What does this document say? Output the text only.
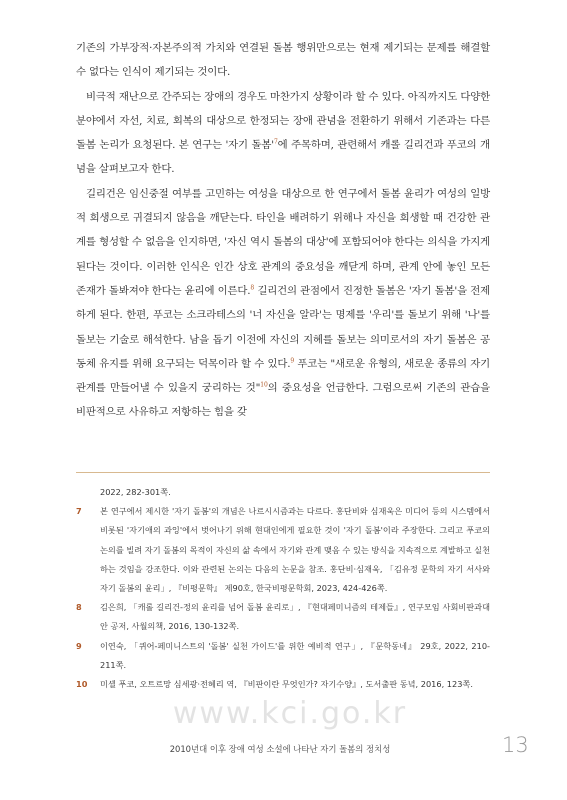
기존의 가부장적·자본주의적 가치와 연결된 돌봄 행위만으로는 현재 제기되는 문제를 해결할 수 없다는 인식이 제기되는 것이다.

비극적 재난으로 간주되는 장애의 경우도 마찬가지 상황이라 할 수 있다. 아직까지도 다양한 분야에서 자선, 치료, 회복의 대상으로 한정되는 장애 관념을 전환하기 위해서 기존과는 다른 돌봄 논리가 요청된다. 본 연구는 '자기 돌봄'$^7$에 주목하며, 관련해서 캐롤 길리건과 푸코의 개념을 살펴보고자 한다.

길리건은 임신중절 여부를 고민하는 여성을 대상으로 한 연구에서 돌봄 윤리가 여성의 일방적 희생으로 귀결되지 않음을 깨닫는다. 타인을 배려하기 위해나 자신을 희생할 때 건강한 관계를 형성할 수 없음을 인지하면, '자신 역시 돌봄의 대상'에 포함되어야 한다는 의식을 가지게 된다는 것이다. 이러한 인식은 인간 상호 관계의 중요성을 깨닫게 하며, 관계 안에 놓인 모든 존재가 돌봐져야 한다는 윤리에 이른다.$^8$ 길리건의 관점에서 진정한 돌봄은 '자기 돌봄'을 전제하게 된다. 한편, 푸코는 소크라테스의 '너 자신을 알라'는 명제를 '우리'를 돌보기 위해 '나'를 돌보는 기술로 해석한다. 남을 돕기 이전에 자신의 지혜를 돌보는 의미로서의 자기 돌봄은 공동체 유지를 위해 요구되는 덕목이라 할 수 있다.$^9$ 푸코는 "새로운 유형의, 새로운 종류의 자기 관계를 만들어낼 수 있을지 궁리하는 것"$^{10}$의 중요성을 언급한다. 그럼으로써 기존의 관습을 비판적으로 사유하고 저항하는 힘을 갖

2022, 282-301쪽.
7	본 연구에서 제시한 '자기 돌봄'의 개념은 나르시시즘과는 다르다. 홍단비와 심재욱은 미디어 등의 시스템에서 비롯된 '자기애의 과잉'에서 벗어나기 위해 현대인에게 필요한 것이 '자기 돌봄'이라 주장한다. 그리고 푸코의 논의를 빌려 자기 돌봄의 목적이 자신의 삶 속에서 자기와 관계 맺음 수 있는 방식을 지속적으로 계발하고 실천하는 것임을 강조한다. 이와 관련된 논의는 다음의 논문을 참조. 홍단비·심재욱, 「김유정 문학의 자기 서사와 자기 돌봄의 윤리」, 『비평문학』 제90호, 한국비평문학회, 2023, 424-426쪽.
8	김은희, 「캐롤 길리건-정의 윤리를 넘어 돌봄 윤리로」, 『현대페미니즘의 테제들』, 연구모임 사회비판과대안 공저, 사월의책, 2016, 130-132쪽.
9	이연숙, 「퀴어-페미니스트의 '돌봄' 실천 가이드'를 위한 예비적 연구」, 『문학동네』 29호, 2022, 210-211쪽.
10	미셸 푸코, 오트르망 심세광·전혜리 역, 『비판이란 무엇인가? 자기수양』, 도서출판 동녘, 2016, 123쪽.
www.kci.go.kr
2010년대 이후 장애 여성 소설에 나타난 자기 돌봄의 정치성	13
